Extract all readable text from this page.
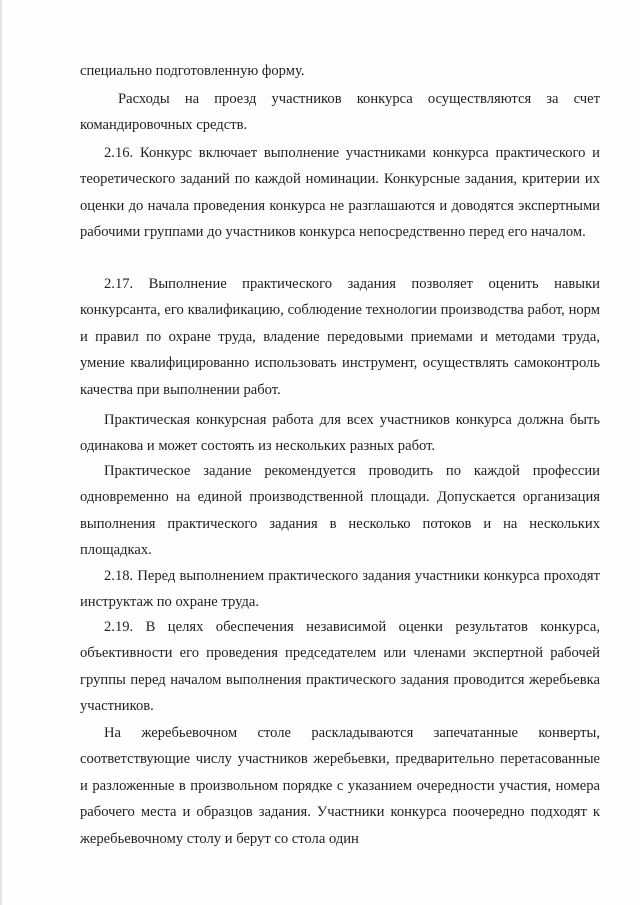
специально подготовленную форму.

Расходы на проезд участников конкурса осуществляются за счет командировочных средств.

2.16. Конкурс включает выполнение участниками конкурса практического и теоретического заданий по каждой номинации. Конкурсные задания, критерии их оценки до начала проведения конкурса не разглашаются и доводятся экспертными рабочими группами до участников конкурса непосредственно перед его началом.

2.17. Выполнение практического задания позволяет оценить навыки конкурсанта, его квалификацию, соблюдение технологии производства работ, норм и правил по охране труда, владение передовыми приемами и методами труда, умение квалифицированно использовать инструмент, осуществлять самоконтроль качества при выполнении работ.

Практическая конкурсная работа для всех участников конкурса должна быть одинакова и может состоять из нескольких разных работ.

Практическое задание рекомендуется проводить по каждой профессии одновременно на единой производственной площади. Допускается организация выполнения практического задания в несколько потоков и на нескольких площадках.

2.18. Перед выполнением практического задания участники конкурса проходят инструктаж по охране труда.

2.19. В целях обеспечения независимой оценки результатов конкурса, объективности его проведения председателем или членами экспертной рабочей группы перед началом выполнения практического задания проводится жеребьевка участников.

На жеребьевочном столе раскладываются запечатанные конверты, соответствующие числу участников жеребьевки, предварительно перетасованные и разложенные в произвольном порядке с указанием очередности участия, номера рабочего места и образцов задания. Участники конкурса поочередно подходят к жеребьевочному столу и берут со стола один
